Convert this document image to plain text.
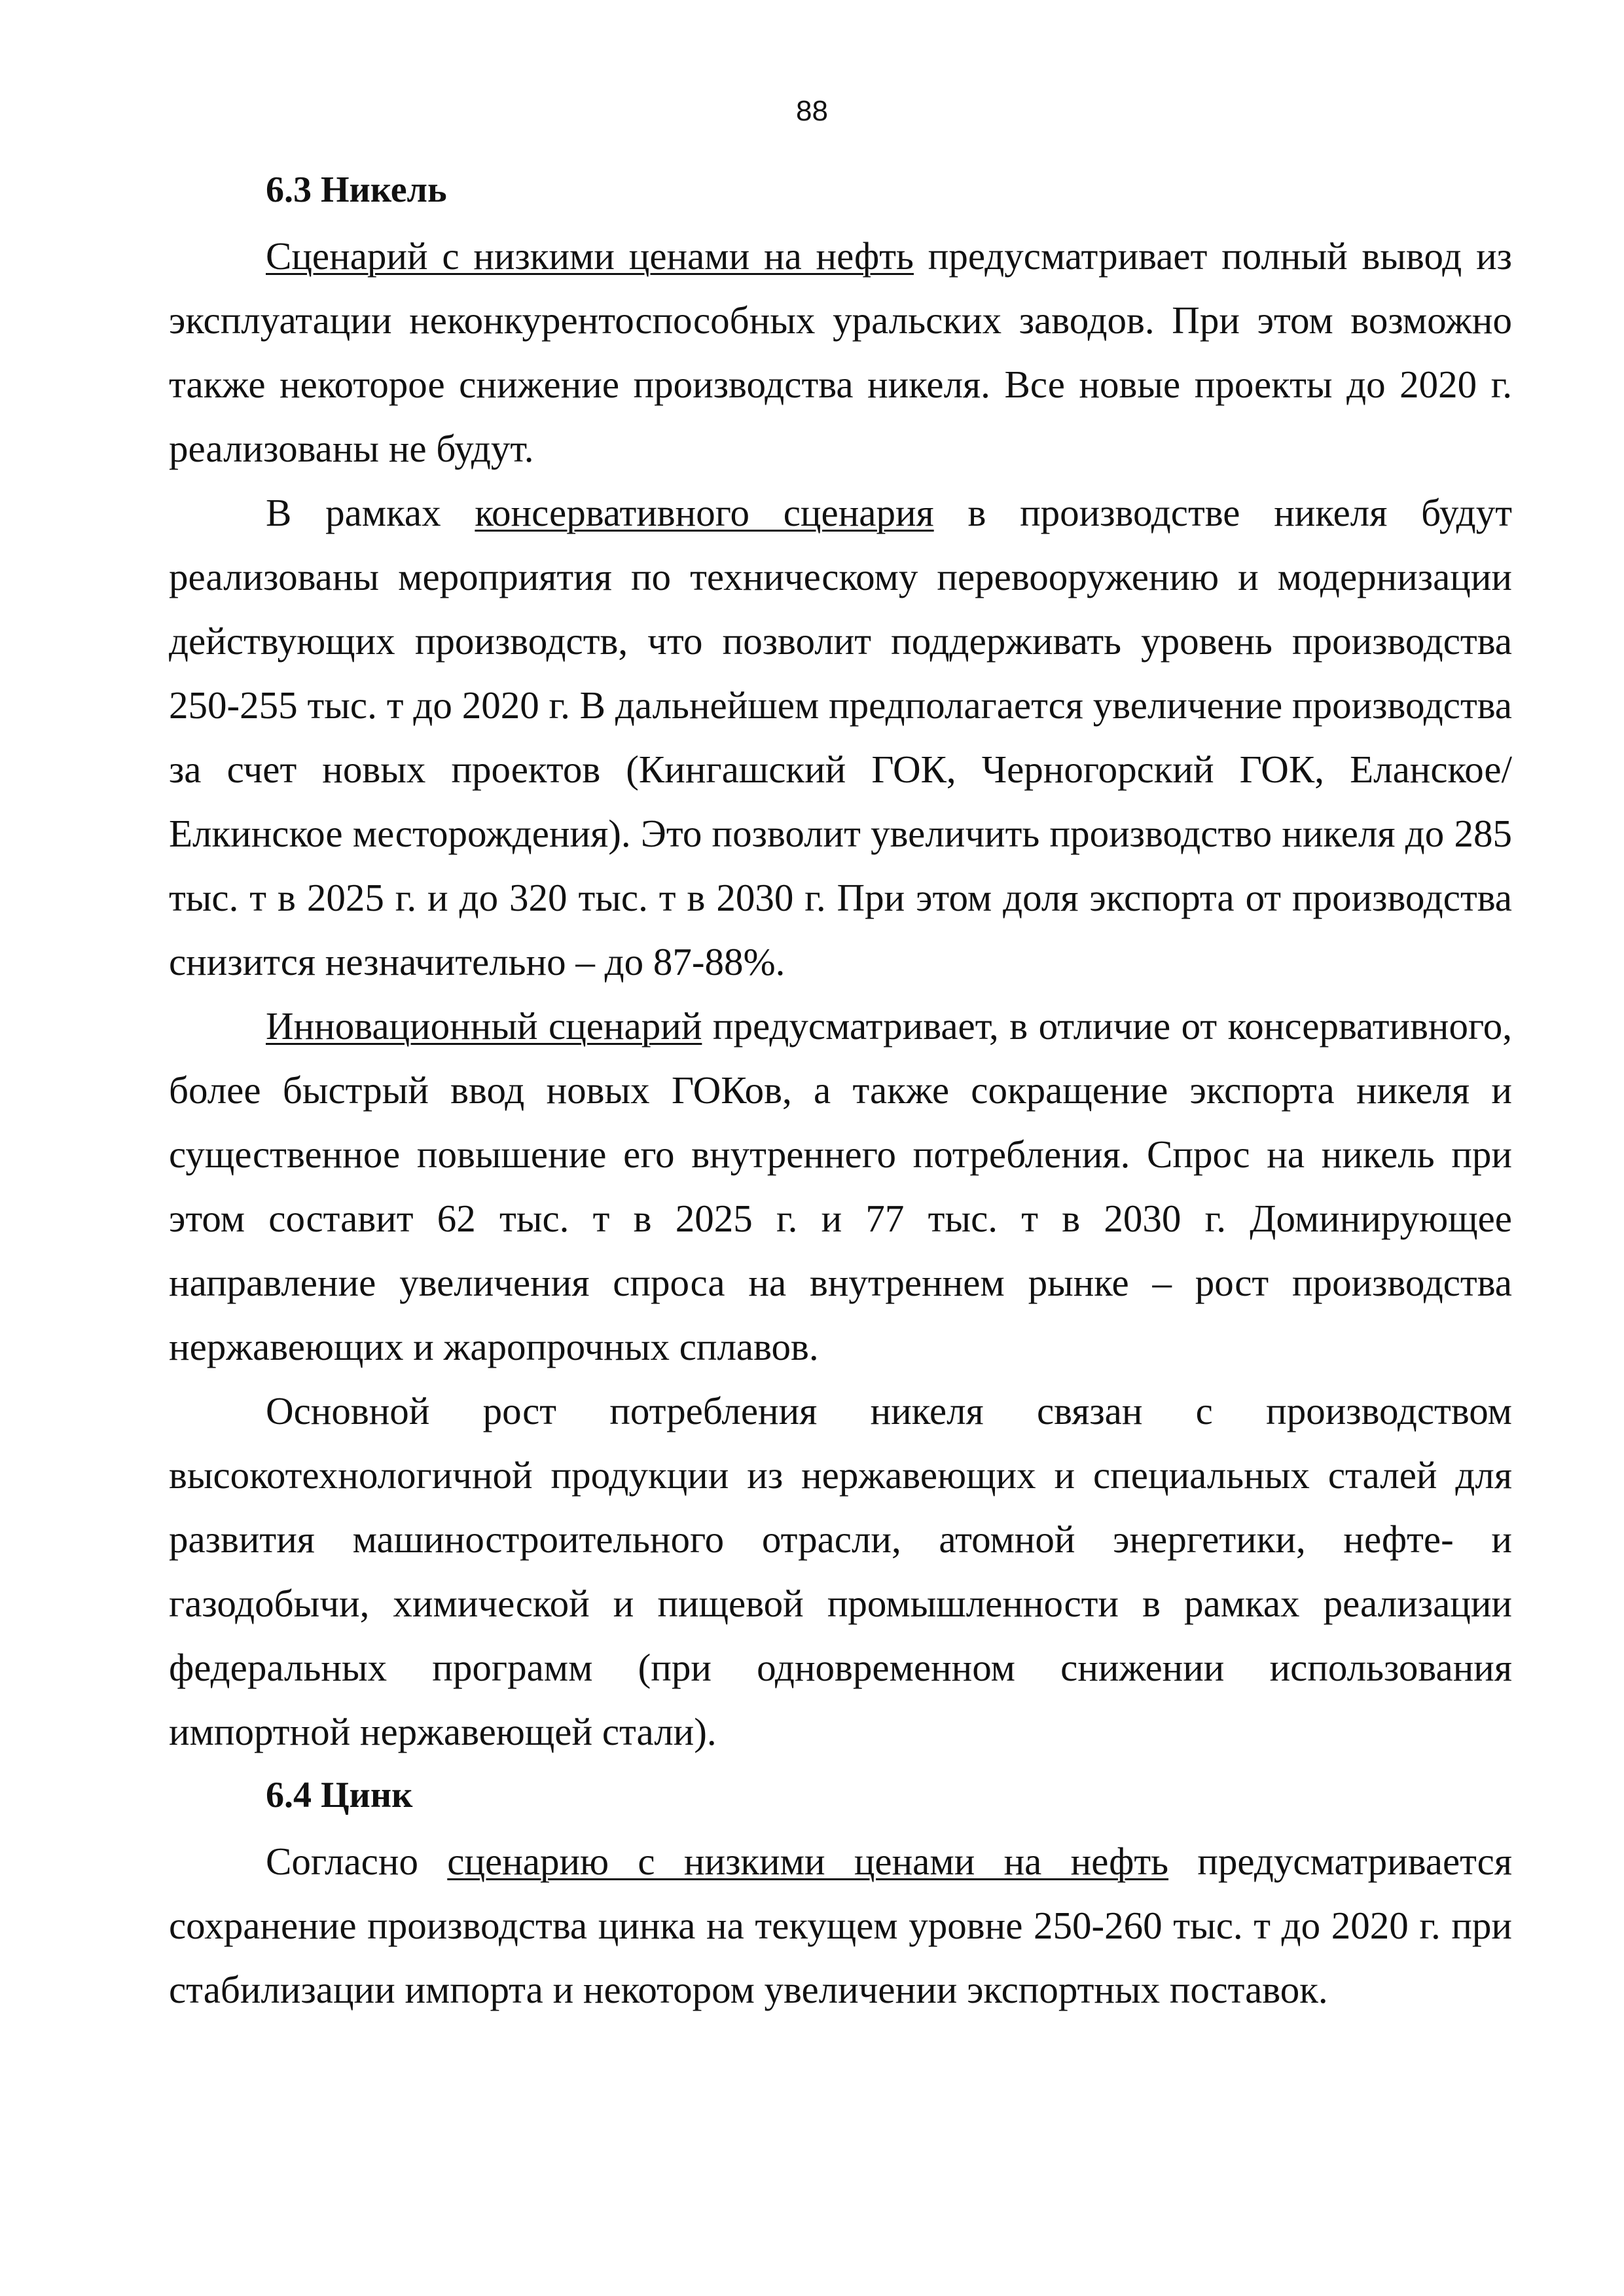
88
6.3 Никель

Сценарий с низкими ценами на нефть предусматривает полный вывод из эксплуатации неконкурентоспособных уральских заводов. При этом возможно также некоторое снижение производства никеля. Все новые проекты до 2020 г. реализованы не будут.

В рамках консервативного сценария в производстве никеля будут реализованы мероприятия по техническому перевооружению и модернизации действующих производств, что позволит поддерживать уровень производства 250-255 тыс. т до 2020 г. В дальнейшем предполагается увеличение производства за счет новых проектов (Кингашский ГОК, Черногорский ГОК, Еланское/Елкинское месторождения). Это позволит увеличить производство никеля до 285 тыс. т в 2025 г. и до 320 тыс. т в 2030 г. При этом доля экспорта от производства снизится незначительно – до 87-88%.

Инновационный сценарий предусматривает, в отличие от консервативного, более быстрый ввод новых ГОКов, а также сокращение экспорта никеля и существенное повышение его внутреннего потребления. Спрос на никель при этом составит 62 тыс. т в 2025 г. и 77 тыс. т в 2030 г. Доминирующее направление увеличения спроса на внутреннем рынке – рост производства нержавеющих и жаропрочных сплавов.

Основной рост потребления никеля связан с производством высокотехнологичной продукции из нержавеющих и специальных сталей для развития машиностроительного отрасли, атомной энергетики, нефте- и газодобычи, химической и пищевой промышленности в рамках реализации федеральных программ (при одновременном снижении использования импортной нержавеющей стали).

6.4 Цинк

Согласно сценарию с низкими ценами на нефть предусматривается сохранение производства цинка на текущем уровне 250-260 тыс. т до 2020 г. при стабилизации импорта и некотором увеличении экспортных поставок.
